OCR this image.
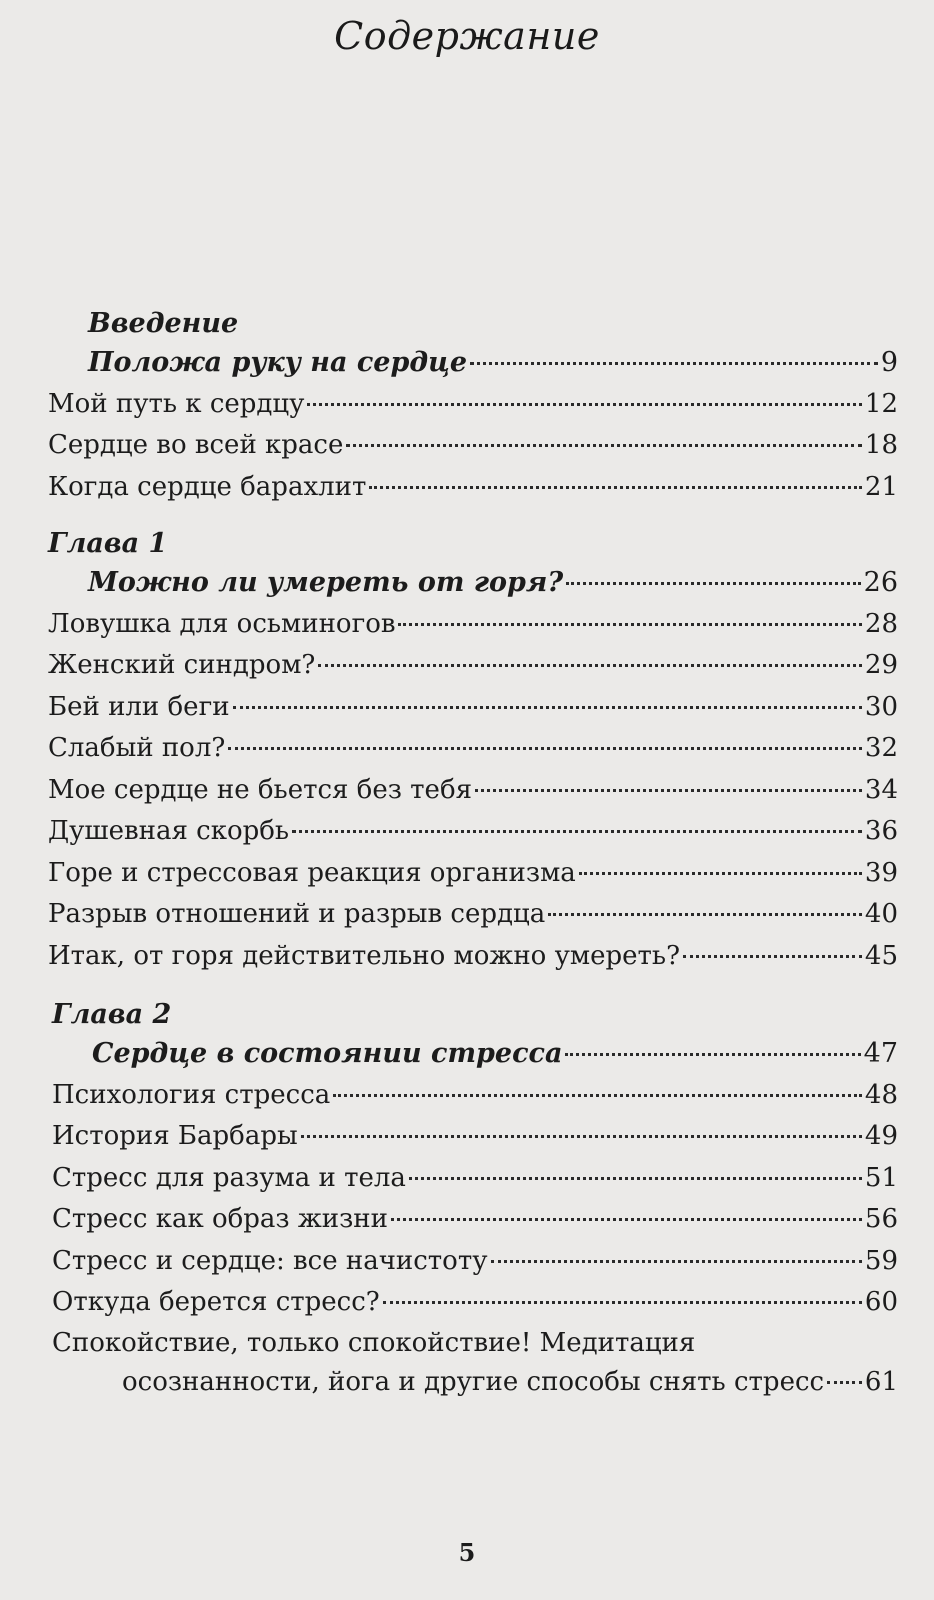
Содержание
Введение
Положа руку на сердце	9
Мой путь к сердцу	12
Сердце во всей красе	18
Когда сердце барахлит	21
Глава 1
Можно ли умереть от горя?	26
Ловушка для осьминогов	28
Женский синдром?	29
Бей или беги	30
Слабый пол?	32
Мое сердце не бьется без тебя	34
Душевная скорбь	36
Горе и стрессовая реакция организма	39
Разрыв отношений и разрыв сердца	40
Итак, от горя действительно можно умереть?	45
Глава 2
Сердце в состоянии стресса	47
Психология стресса	48
История Барбары	49
Стресс для разума и тела	51
Стресс как образ жизни	56
Стресс и сердце: все начистоту	59
Откуда берется стресс?	60
Спокойствие, только спокойствие! Медитация
осознанности, йога и другие способы снять стресс 61
5
